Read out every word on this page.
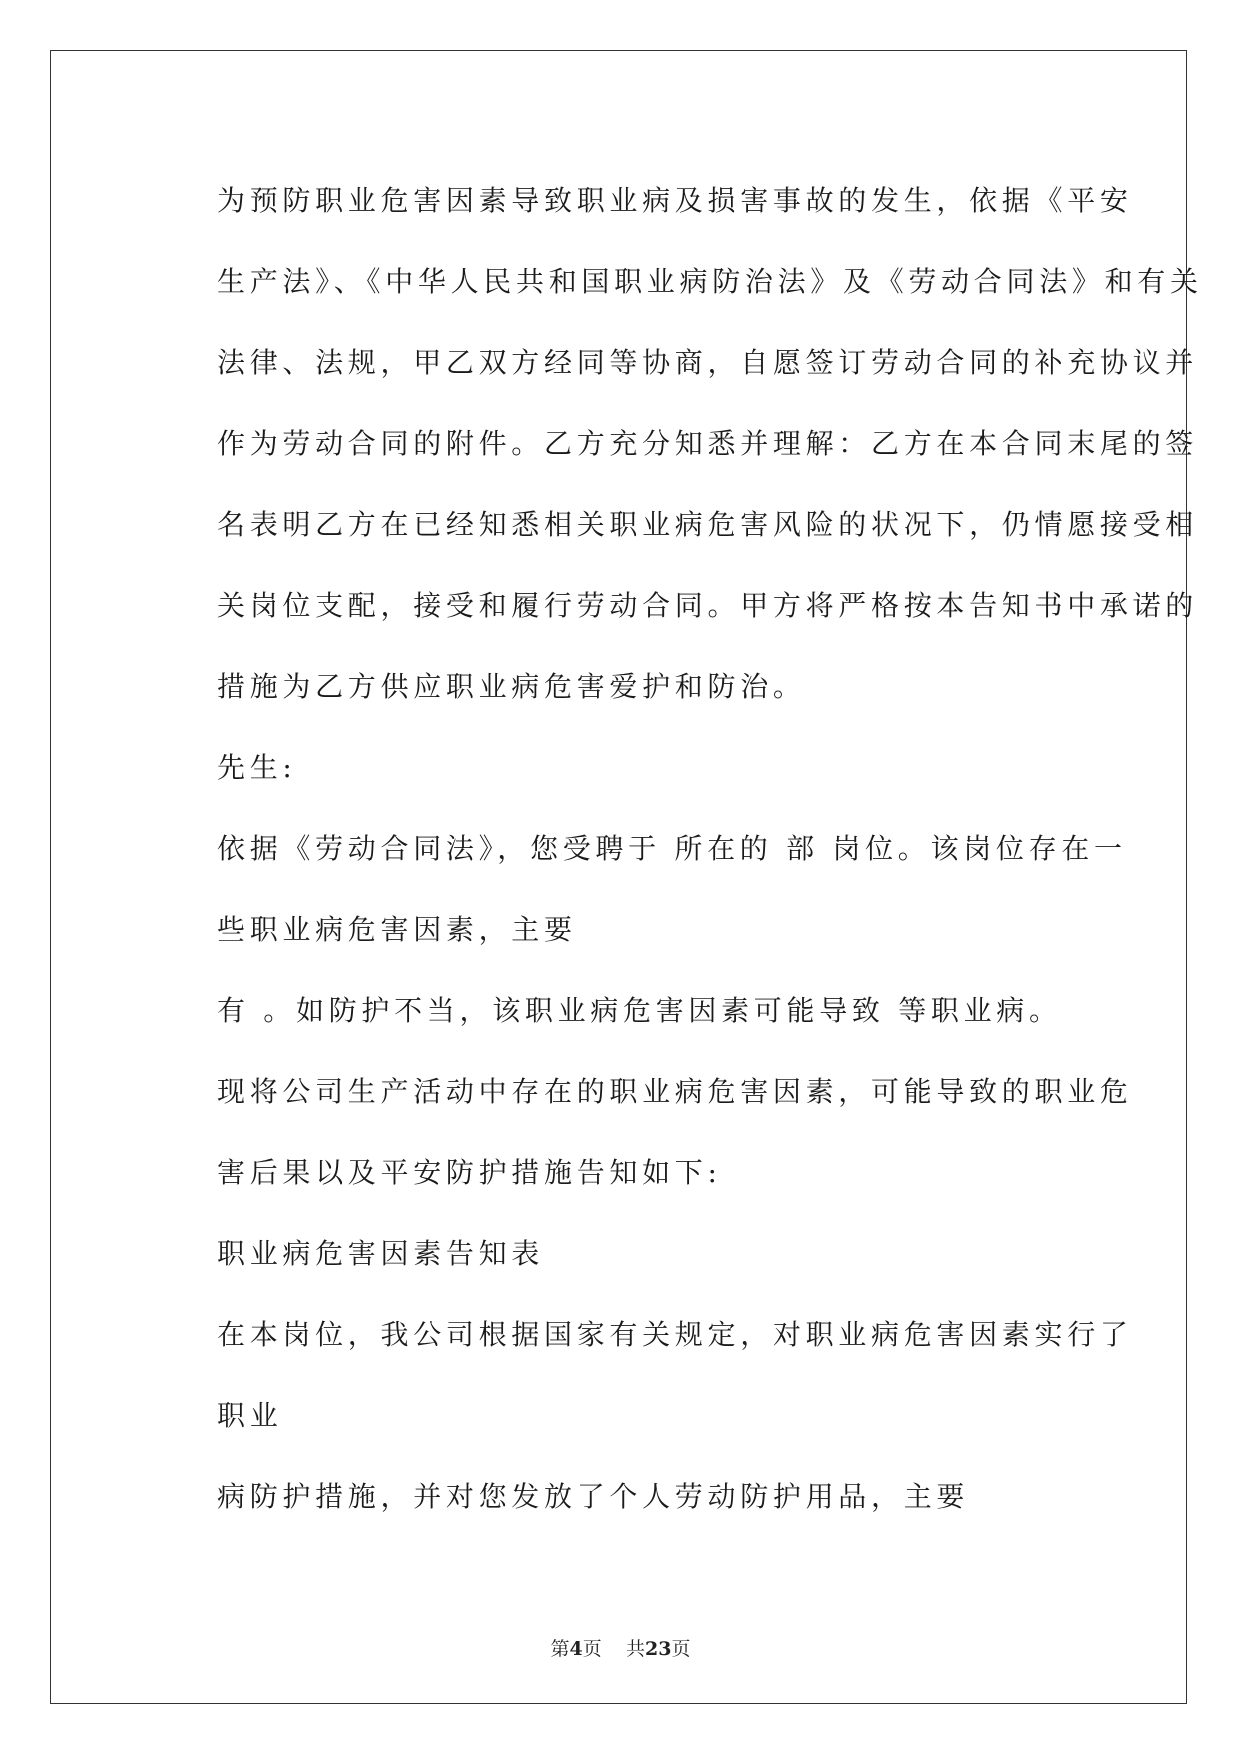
为预防职业危害因素导致职业病及损害事故的发生，依据《平安
生产法》、《中华人民共和国职业病防治法》及《劳动合同法》和有关
法律、法规，甲乙双方经同等协商，自愿签订劳动合同的补充协议并
作为劳动合同的附件。乙方充分知悉并理解：乙方在本合同末尾的签
名表明乙方在已经知悉相关职业病危害风险的状况下，仍情愿接受相
关岗位支配，接受和履行劳动合同。甲方将严格按本告知书中承诺的
措施为乙方供应职业病危害爱护和防治。

先生:

依据《劳动合同法》，您受聘于 所在的 部 岗位。该岗位存在一
些职业病危害因素，主要

有 。如防护不当，该职业病危害因素可能导致 等职业病。

现将公司生产活动中存在的职业病危害因素，可能导致的职业危
害后果以及平安防护措施告知如下:

职业病危害因素告知表

在本岗位，我公司根据国家有关规定，对职业病危害因素实行了
职业

病防护措施，并对您发放了个人劳动防护用品，主要

第4页 共23页
